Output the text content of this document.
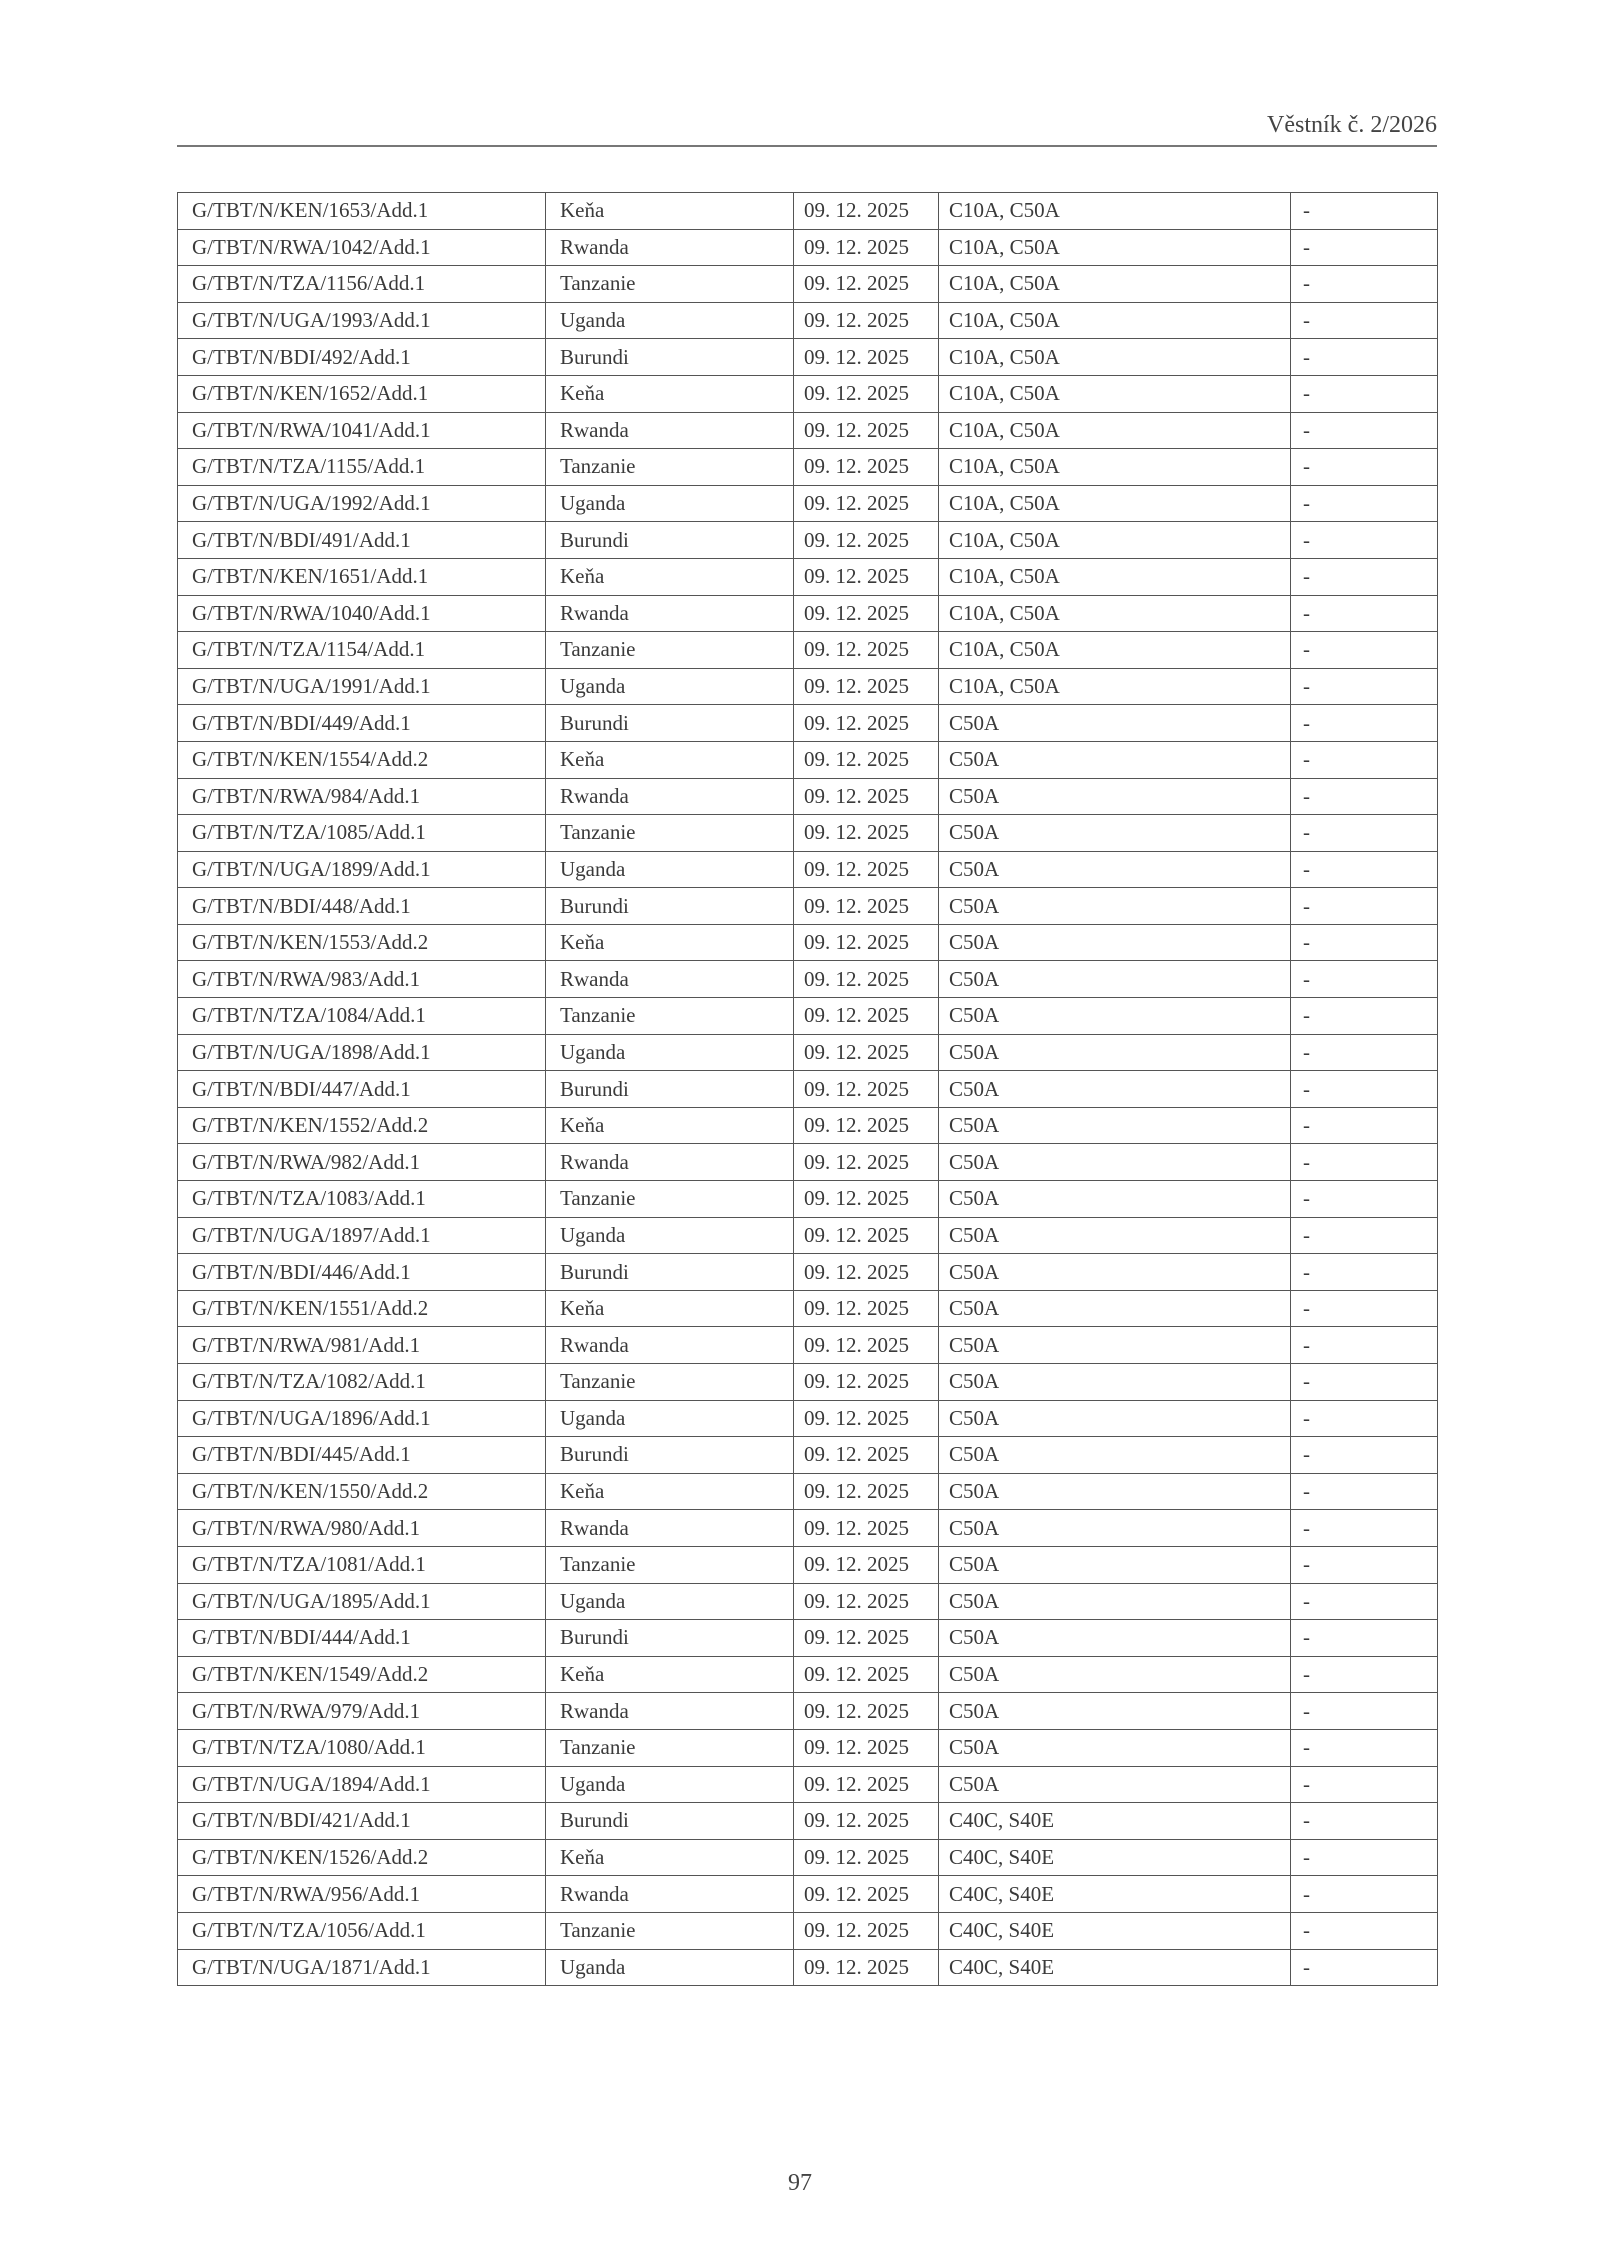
Věstník č. 2/2026
G/TBT/N/KEN/1653/Add.1	Keňa	09. 12. 2025	C10A, C50A	-
G/TBT/N/RWA/1042/Add.1	Rwanda	09. 12. 2025	C10A, C50A	-
G/TBT/N/TZA/1156/Add.1	Tanzanie	09. 12. 2025	C10A, C50A	-
G/TBT/N/UGA/1993/Add.1	Uganda	09. 12. 2025	C10A, C50A	-
G/TBT/N/BDI/492/Add.1	Burundi	09. 12. 2025	C10A, C50A	-
G/TBT/N/KEN/1652/Add.1	Keňa	09. 12. 2025	C10A, C50A	-
G/TBT/N/RWA/1041/Add.1	Rwanda	09. 12. 2025	C10A, C50A	-
G/TBT/N/TZA/1155/Add.1	Tanzanie	09. 12. 2025	C10A, C50A	-
G/TBT/N/UGA/1992/Add.1	Uganda	09. 12. 2025	C10A, C50A	-
G/TBT/N/BDI/491/Add.1	Burundi	09. 12. 2025	C10A, C50A	-
G/TBT/N/KEN/1651/Add.1	Keňa	09. 12. 2025	C10A, C50A	-
G/TBT/N/RWA/1040/Add.1	Rwanda	09. 12. 2025	C10A, C50A	-
G/TBT/N/TZA/1154/Add.1	Tanzanie	09. 12. 2025	C10A, C50A	-
G/TBT/N/UGA/1991/Add.1	Uganda	09. 12. 2025	C10A, C50A	-
G/TBT/N/BDI/449/Add.1	Burundi	09. 12. 2025	C50A	-
G/TBT/N/KEN/1554/Add.2	Keňa	09. 12. 2025	C50A	-
G/TBT/N/RWA/984/Add.1	Rwanda	09. 12. 2025	C50A	-
G/TBT/N/TZA/1085/Add.1	Tanzanie	09. 12. 2025	C50A	-
G/TBT/N/UGA/1899/Add.1	Uganda	09. 12. 2025	C50A	-
G/TBT/N/BDI/448/Add.1	Burundi	09. 12. 2025	C50A	-
G/TBT/N/KEN/1553/Add.2	Keňa	09. 12. 2025	C50A	-
G/TBT/N/RWA/983/Add.1	Rwanda	09. 12. 2025	C50A	-
G/TBT/N/TZA/1084/Add.1	Tanzanie	09. 12. 2025	C50A	-
G/TBT/N/UGA/1898/Add.1	Uganda	09. 12. 2025	C50A	-
G/TBT/N/BDI/447/Add.1	Burundi	09. 12. 2025	C50A	-
G/TBT/N/KEN/1552/Add.2	Keňa	09. 12. 2025	C50A	-
G/TBT/N/RWA/982/Add.1	Rwanda	09. 12. 2025	C50A	-
G/TBT/N/TZA/1083/Add.1	Tanzanie	09. 12. 2025	C50A	-
G/TBT/N/UGA/1897/Add.1	Uganda	09. 12. 2025	C50A	-
G/TBT/N/BDI/446/Add.1	Burundi	09. 12. 2025	C50A	-
G/TBT/N/KEN/1551/Add.2	Keňa	09. 12. 2025	C50A	-
G/TBT/N/RWA/981/Add.1	Rwanda	09. 12. 2025	C50A	-
G/TBT/N/TZA/1082/Add.1	Tanzanie	09. 12. 2025	C50A	-
G/TBT/N/UGA/1896/Add.1	Uganda	09. 12. 2025	C50A	-
G/TBT/N/BDI/445/Add.1	Burundi	09. 12. 2025	C50A	-
G/TBT/N/KEN/1550/Add.2	Keňa	09. 12. 2025	C50A	-
G/TBT/N/RWA/980/Add.1	Rwanda	09. 12. 2025	C50A	-
G/TBT/N/TZA/1081/Add.1	Tanzanie	09. 12. 2025	C50A	-
G/TBT/N/UGA/1895/Add.1	Uganda	09. 12. 2025	C50A	-
G/TBT/N/BDI/444/Add.1	Burundi	09. 12. 2025	C50A	-
G/TBT/N/KEN/1549/Add.2	Keňa	09. 12. 2025	C50A	-
G/TBT/N/RWA/979/Add.1	Rwanda	09. 12. 2025	C50A	-
G/TBT/N/TZA/1080/Add.1	Tanzanie	09. 12. 2025	C50A	-
G/TBT/N/UGA/1894/Add.1	Uganda	09. 12. 2025	C50A	-
G/TBT/N/BDI/421/Add.1	Burundi	09. 12. 2025	C40C, S40E	-
G/TBT/N/KEN/1526/Add.2	Keňa	09. 12. 2025	C40C, S40E	-
G/TBT/N/RWA/956/Add.1	Rwanda	09. 12. 2025	C40C, S40E	-
G/TBT/N/TZA/1056/Add.1	Tanzanie	09. 12. 2025	C40C, S40E	-
G/TBT/N/UGA/1871/Add.1	Uganda	09. 12. 2025	C40C, S40E	-
97
